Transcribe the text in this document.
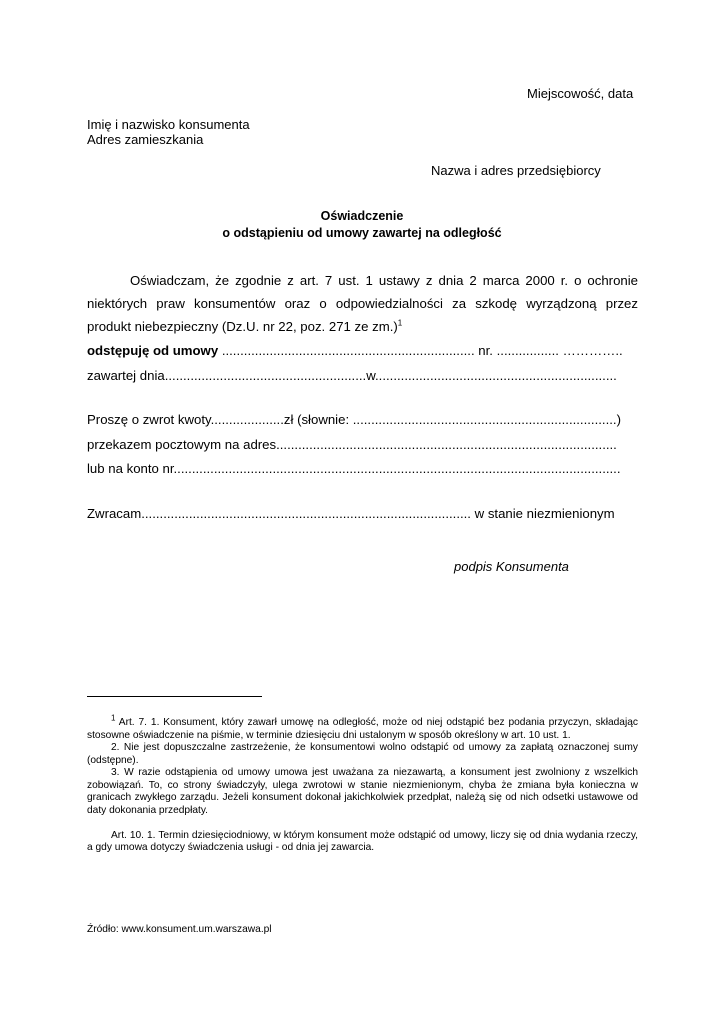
Miejscowość, data
Imię i nazwisko konsumenta
Adres zamieszkania
Nazwa i adres przedsiębiorcy
Oświadczenie
o odstąpieniu od umowy zawartej na odległość
Oświadczam, że zgodnie z art. 7 ust. 1 ustawy z dnia 2 marca 2000 r. o ochronie
niektórych praw konsumentów oraz o odpowiedzialności za szkodę wyrządzoną przez
produkt niebezpieczny (Dz.U. nr 22, poz. 271 ze zm.)$^1$
odstępuję od umowy ..................................................................... nr. ................. …………..
zawartej dnia.......................................................w..................................................................
Proszę o zwrot kwoty....................zł (słownie: ........................................................................)
przekazem pocztowym na adres.............................................................................................
lub na konto nr..........................................................................................................................
Zwracam.......................................................................................... w stanie niezmienionym
podpis Konsumenta

$^1$ Art. 7. 1. Konsument, który zawarł umowę na odległość, może od niej odstąpić bez podania przyczyn, składając stosowne oświadczenie na piśmie, w terminie dziesięciu dni ustalonym w sposób określony w art. 10 ust. 1.

2. Nie jest dopuszczalne zastrzeżenie, że konsumentowi wolno odstąpić od umowy za zapłatą oznaczonej sumy (odstępne).

3. W razie odstąpienia od umowy umowa jest uważana za niezawartą, a konsument jest zwolniony z wszelkich zobowiązań. To, co strony świadczyły, ulega zwrotowi w stanie niezmienionym, chyba że zmiana była konieczna w granicach zwykłego zarządu. Jeżeli konsument dokonał jakichkolwiek przedpłat, należą się od nich odsetki ustawowe od daty dokonania przedpłaty.

Art. 10. 1. Termin dziesięciodniowy, w którym konsument może odstąpić od umowy, liczy się od dnia wydania rzeczy, a gdy umowa dotyczy świadczenia usługi - od dnia jej zawarcia.

Źródło: www.konsument.um.warszawa.pl
